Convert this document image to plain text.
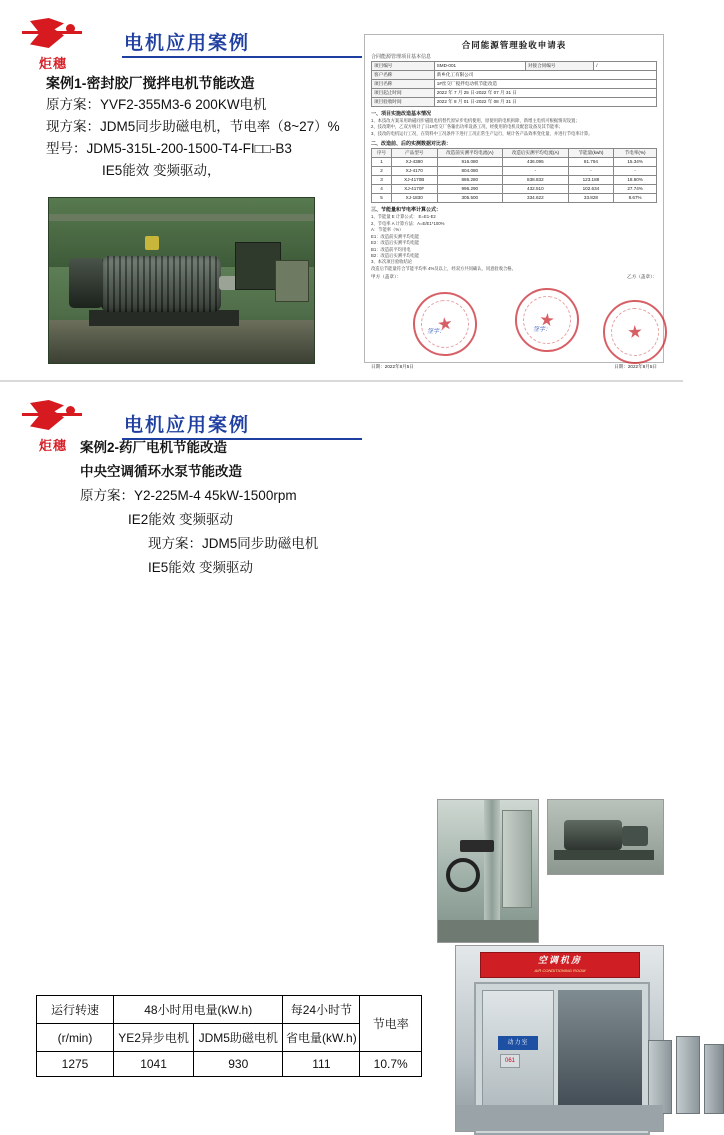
炬穗
电机应用案例
案例1-密封胶厂搅拌电机节能改造
原方案：YVF2-355M3-6 200KW电机
现方案：JDM5同步助磁电机，节电率（8~27）%
型号：JDM5-315L-200-1500-T4-FI□□-B3
IE5能效 变频驱动，
合同能源管理验收申请表
合同能源管理项目基本信息
项目编号	SMD-001	对接合同编号	/
客户名称	新乡化工有限公司		
项目名称	1#丝交厂搅拌电动机节能改造		
项目起止时间	2022 年 7 月 25 日-2022 年 07 月 31 日		
项目验收时间	2022 年 8 月 01 日-2022 年 08 月 31 日		
一、项目实施改造基本情况
1、本技改方案采用助磁同步磁阻电机替代原异步电机使用，原使用的电机拆除、新增主电机可根据情况设置；
2、技改期中，乙双方统计了日1#丝交厂各输出功率设备工况，经使用的电机及配套设备及其节能率；
3、技改的电机运行工况，在资料中工况条件下进行工况正常生产运行，统计各产品效率变化量，并进行节电率计算。
二、改造前、后的实测数据对比表：
序号	产品型号	改造前实测平均电流(A)	改造后实测平均电流(A)	节能量(kwh)	节电率(%)
1	XJ-4380	916.080	436.095	81.794	15.34%
2	XJ-4170	804.080	-	-	-
3	XJ-4170B	886.280	838.832	123.188	18.60%
4	XJ-4170F	996.290	432.510	102.634	27.74%
5	XJ-1830	305.500	334.622	33.828	8.67%
三、节能量和节电率计算公式：
1、节能量 E 计算公式： E=E1-E2
2、节电率 A 计算方法：A=E/E1*100%
A：节能率（%）
E1：改造前实测平均电能
E2：改造后实测平均电能
B1：改造前平均用电
B2：改造后实测平均电能
3、本次项目验收结论
改造后节能量符合节能平均率 4%及以上，经双方共同确认，同意验收合格。
甲方（盖章）：	乙方（盖章）：
签字：	签字：
日期：2022年8月5日	日期：2022年8月5日
炬穗
电机应用案例
案例2-药厂电机节能改造
中央空调循环水泵节能改造
原方案：Y2-225M-4 45kW-1500rpm
IE2能效 变频驱动
现方案：JDM5同步助磁电机
IE5能效 变频驱动
空调机房
AIR CONDITIONING ROOM
动力室
061
运行转速	48小时用电量(kW.h)		每24小时节	节电率
(r/min)	YE2异步电机	JDM5助磁电机	省电量(kW.h)	
1275	1041	930	111	10.7%
